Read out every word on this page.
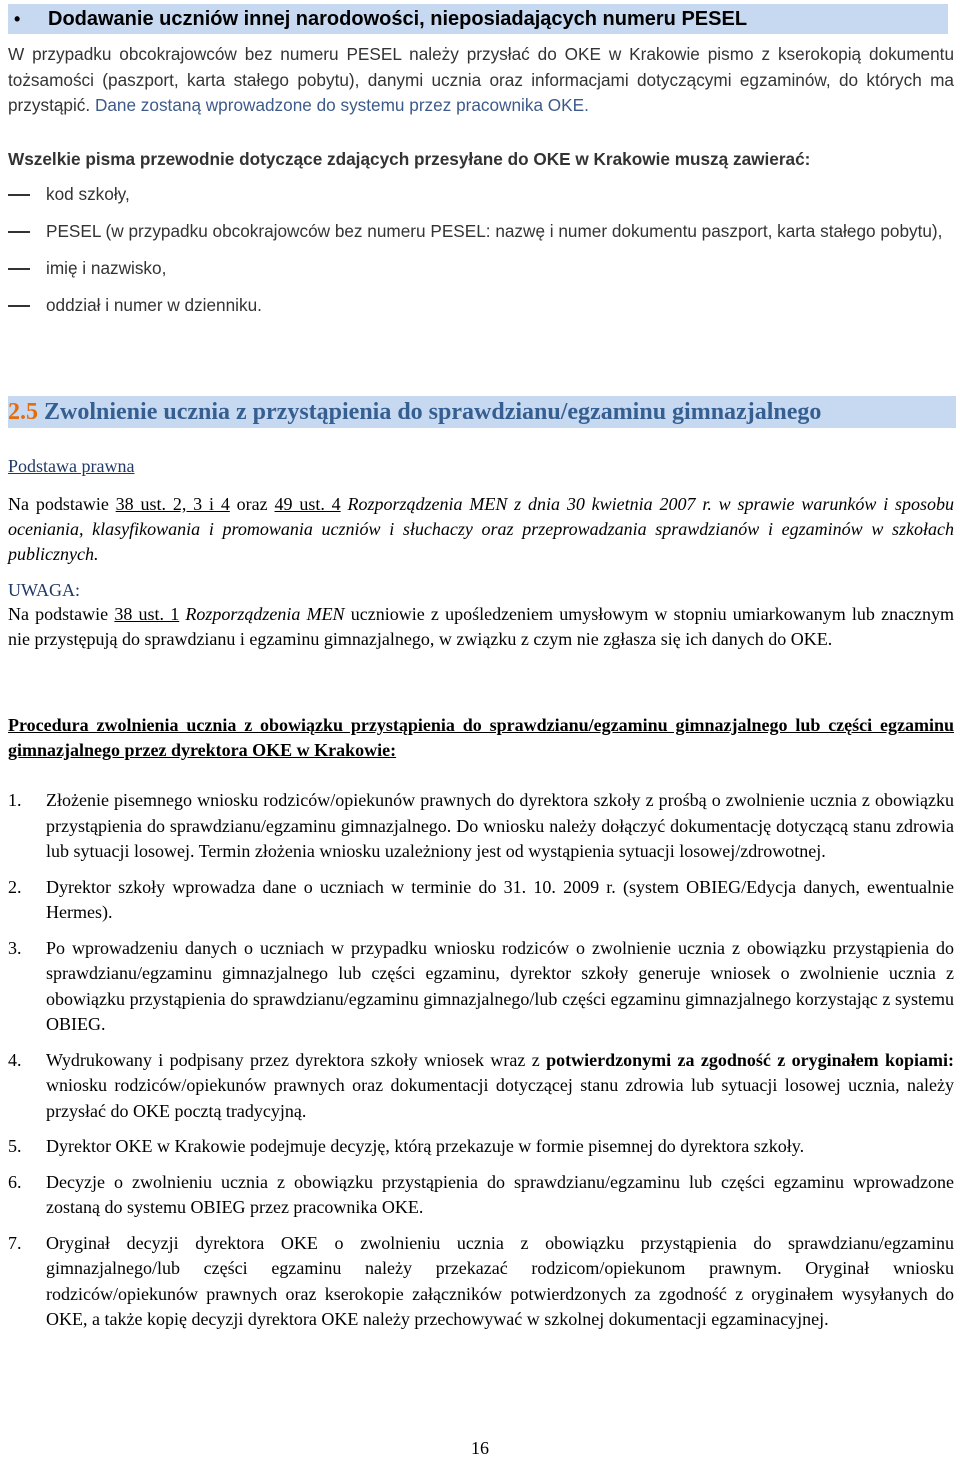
• Dodawanie uczniów innej narodowości, nieposiadających numeru PESEL
W przypadku obcokrajowców bez numeru PESEL należy przysłać do OKE w Krakowie pismo z kserokopią dokumentu tożsamości (paszport, karta stałego pobytu), danymi ucznia oraz informacjami dotyczącymi egzaminów, do których ma przystąpić. Dane zostaną wprowadzone do systemu przez pracownika OKE.
Wszelkie pisma przewodnie dotyczące zdających przesyłane do OKE w Krakowie muszą zawierać:
kod szkoły,
PESEL (w przypadku obcokrajowców bez numeru PESEL: nazwę i numer dokumentu paszport, karta stałego pobytu),
imię i nazwisko,
oddział i numer w dzienniku.
2.5 Zwolnienie ucznia z przystąpienia do sprawdzianu/egzaminu gimnazjalnego
Podstawa prawna
Na podstawie 38 ust. 2, 3 i 4 oraz 49 ust. 4 Rozporządzenia MEN z dnia 30 kwietnia 2007 r. w sprawie warunków i sposobu oceniania, klasyfikowania i promowania uczniów i słuchaczy oraz przeprowadzania sprawdzianów i egzaminów w szkołach publicznych.
UWAGA:
Na podstawie 38 ust. 1 Rozporządzenia MEN uczniowie z upośledzeniem umysłowym w stopniu umiarkowanym lub znacznym nie przystępują do sprawdzianu i egzaminu gimnazjalnego, w związku z czym nie zgłasza się ich danych do OKE.
Procedura zwolnienia ucznia z obowiązku przystąpienia do sprawdzianu/egzaminu gimnazjalnego lub części egzaminu gimnazjalnego przez dyrektora OKE w Krakowie:
1. Złożenie pisemnego wniosku rodziców/opiekunów prawnych do dyrektora szkoły z prośbą o zwolnienie ucznia z obowiązku przystąpienia do sprawdzianu/egzaminu gimnazjalnego. Do wniosku należy dołączyć dokumentację dotyczącą stanu zdrowia lub sytuacji losowej. Termin złożenia wniosku uzależniony jest od wystąpienia sytuacji losowej/zdrowotnej.
2. Dyrektor szkoły wprowadza dane o uczniach w terminie do 31. 10. 2009 r. (system OBIEG/Edycja danych, ewentualnie Hermes).
3. Po wprowadzeniu danych o uczniach w przypadku wniosku rodziców o zwolnienie ucznia z obowiązku przystąpienia do sprawdzianu/egzaminu gimnazjalnego lub części egzaminu, dyrektor szkoły generuje wniosek o zwolnienie ucznia z obowiązku przystąpienia do sprawdzianu/egzaminu gimnazjalnego/lub części egzaminu gimnazjalnego korzystając z systemu OBIEG.
4. Wydrukowany i podpisany przez dyrektora szkoły wniosek wraz z potwierdzonymi za zgodność z oryginałem kopiami: wniosku rodziców/opiekunów prawnych oraz dokumentacji dotyczącej stanu zdrowia lub sytuacji losowej ucznia, należy przysłać do OKE pocztą tradycyjną.
5. Dyrektor OKE w Krakowie podejmuje decyzję, którą przekazuje w formie pisemnej do dyrektora szkoły.
6. Decyzje o zwolnieniu ucznia z obowiązku przystąpienia do sprawdzianu/egzaminu lub części egzaminu wprowadzone zostaną do systemu OBIEG przez pracownika OKE.
7. Oryginał decyzji dyrektora OKE o zwolnieniu ucznia z obowiązku przystąpienia do sprawdzianu/egzaminu gimnazjalnego/lub części egzaminu należy przekazać rodzicom/opiekunom prawnym. Oryginał wniosku rodziców/opiekunów prawnych oraz kserokopie załączników potwierdzonych za zgodność z oryginałem wysyłanych do OKE, a także kopię decyzji dyrektora OKE należy przechowywać w szkolnej dokumentacji egzaminacyjnej.
16
